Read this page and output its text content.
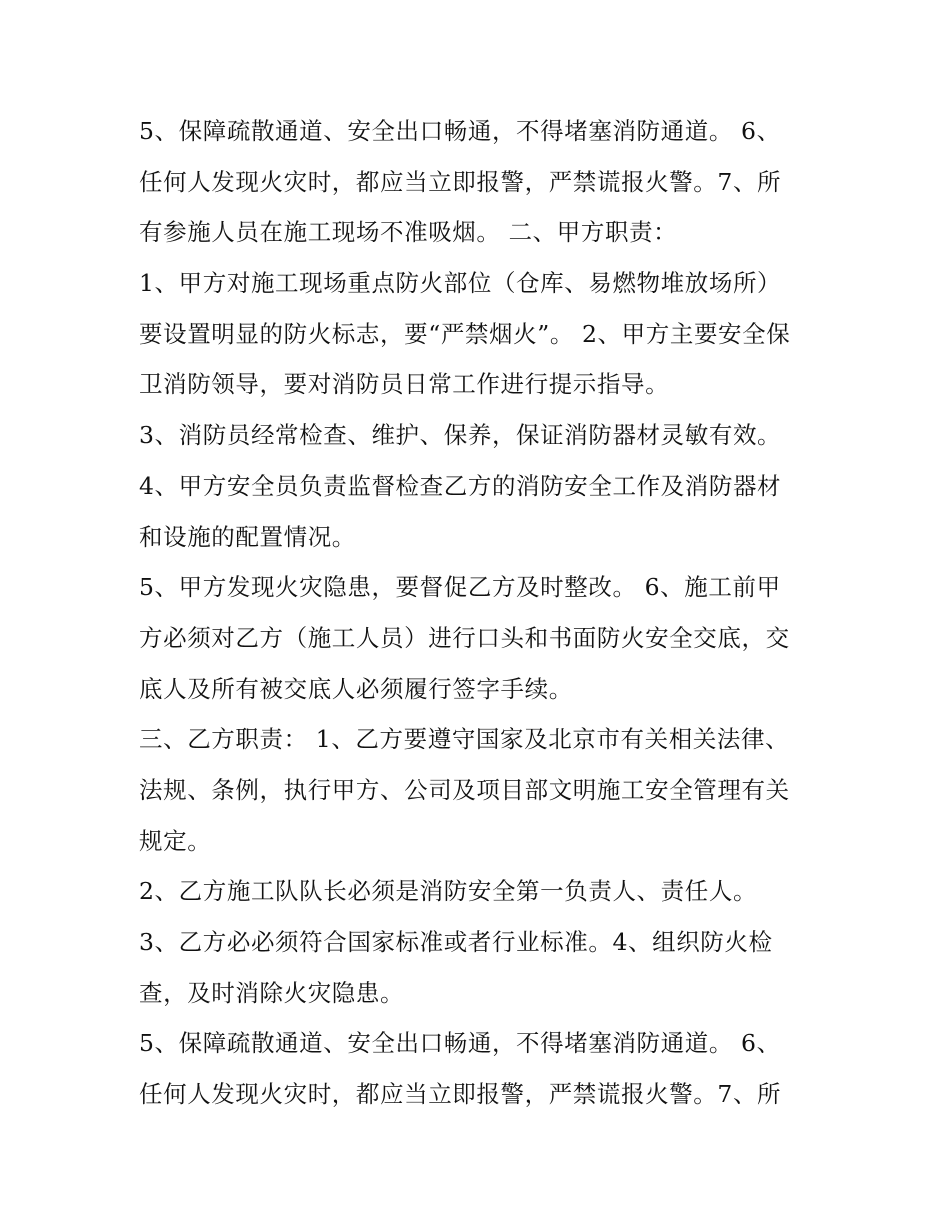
5、保障疏散通道、安全出口畅通，不得堵塞消防通道。 6、
任何人发现火灾时，都应当立即报警，严禁谎报火警。7、所
有参施人员在施工现场不准吸烟。 二、甲方职责：
1、甲方对施工现场重点防火部位（仓库、易燃物堆放场所）
要设置明显的防火标志，要“严禁烟火”。 2、甲方主要安全保
卫消防领导，要对消防员日常工作进行提示指导。
3、消防员经常检查、维护、保养，保证消防器材灵敏有效。
4、甲方安全员负责监督检查乙方的消防安全工作及消防器材
和设施的配置情况。
5、甲方发现火灾隐患，要督促乙方及时整改。 6、施工前甲
方必须对乙方（施工人员）进行口头和书面防火安全交底，交
底人及所有被交底人必须履行签字手续。
三、乙方职责： 1、乙方要遵守国家及北京市有关相关法律、
法规、条例，执行甲方、公司及项目部文明施工安全管理有关
规定。
2、乙方施工队队长必须是消防安全第一负责人、责任人。
3、乙方必必须符合国家标准或者行业标准。4、组织防火检
查，及时消除火灾隐患。
5、保障疏散通道、安全出口畅通，不得堵塞消防通道。 6、
任何人发现火灾时，都应当立即报警，严禁谎报火警。7、所
